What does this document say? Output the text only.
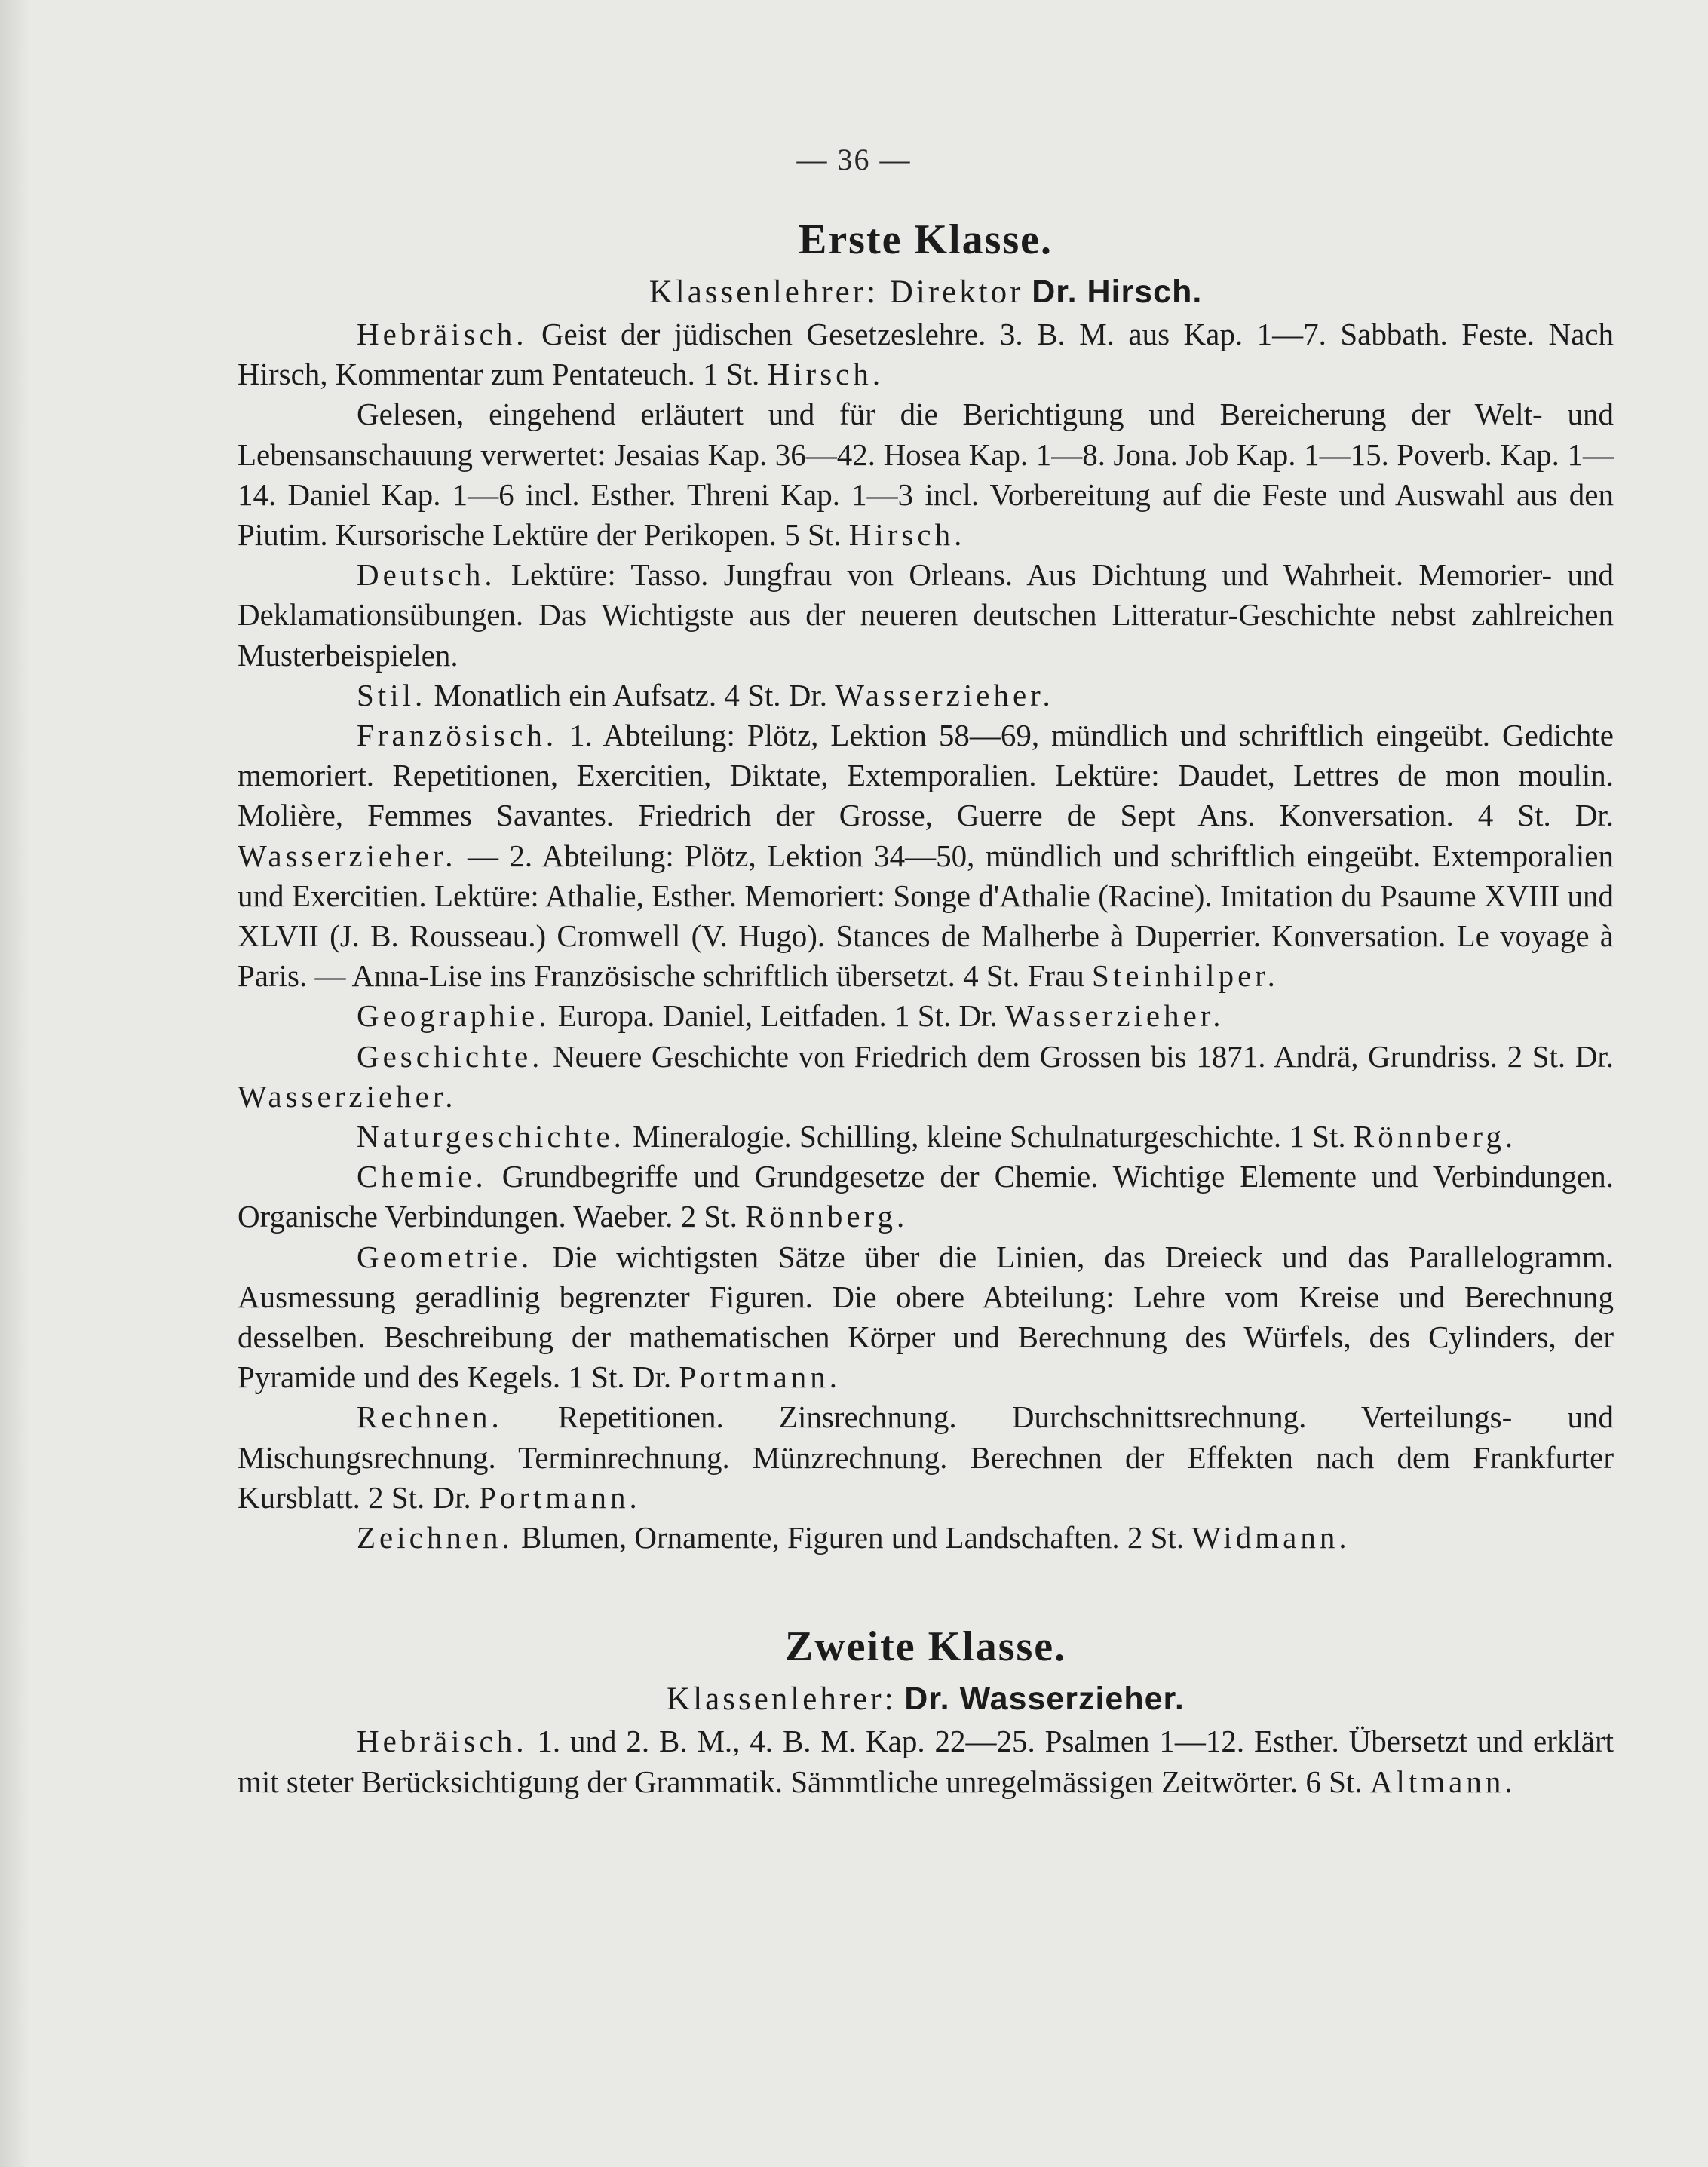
— 36 —
Erste Klasse.
Klassenlehrer: Direktor Dr. Hirsch.

Hebräisch. Geist der jüdischen Gesetzeslehre. 3. B. M. aus Kap. 1—7. Sabbath. Feste. Nach Hirsch, Kommentar zum Pentateuch. 1 St. Hirsch.

Gelesen, eingehend erläutert und für die Berichtigung und Bereicherung der Welt- und Lebensanschauung verwertet: Jesaias Kap. 36—42. Hosea Kap. 1—8. Jona. Job Kap. 1—15. Poverb. Kap. 1—14. Daniel Kap. 1—6 incl. Esther. Threni Kap. 1—3 incl. Vorbereitung auf die Feste und Auswahl aus den Piutim. Kursorische Lektüre der Perikopen. 5 St. Hirsch.

Deutsch. Lektüre: Tasso. Jungfrau von Orleans. Aus Dichtung und Wahrheit. Memorier- und Deklamationsübungen. Das Wichtigste aus der neueren deutschen Litteratur-Geschichte nebst zahlreichen Musterbeispielen.

Stil. Monatlich ein Aufsatz. 4 St. Dr. Wasserzieher.

Französisch. 1. Abteilung: Plötz, Lektion 58—69, mündlich und schriftlich eingeübt. Gedichte memoriert. Repetitionen, Exercitien, Diktate, Extemporalien. Lektüre: Daudet, Lettres de mon moulin. Molière, Femmes Savantes. Friedrich der Grosse, Guerre de Sept Ans. Konversation. 4 St. Dr. Wasserzieher. — 2. Abteilung: Plötz, Lektion 34—50, mündlich und schriftlich eingeübt. Extemporalien und Exercitien. Lektüre: Athalie, Esther. Memoriert: Songe d'Athalie (Racine). Imitation du Psaume XVIII und XLVII (J. B. Rousseau.) Cromwell (V. Hugo). Stances de Malherbe à Duperrier. Konversation. Le voyage à Paris. — Anna-Lise ins Französische schriftlich übersetzt. 4 St. Frau Steinhilper.

Geographie. Europa. Daniel, Leitfaden. 1 St. Dr. Wasserzieher.

Geschichte. Neuere Geschichte von Friedrich dem Grossen bis 1871. Andrä, Grundriss. 2 St. Dr. Wasserzieher.

Naturgeschichte. Mineralogie. Schilling, kleine Schulnaturgeschichte. 1 St. Rönnberg.

Chemie. Grundbegriffe und Grundgesetze der Chemie. Wichtige Elemente und Verbindungen. Organische Verbindungen. Waeber. 2 St. Rönnberg.

Geometrie. Die wichtigsten Sätze über die Linien, das Dreieck und das Parallelogramm. Ausmessung geradlinig begrenzter Figuren. Die obere Abteilung: Lehre vom Kreise und Berechnung desselben. Beschreibung der mathematischen Körper und Berechnung des Würfels, des Cylinders, der Pyramide und des Kegels. 1 St. Dr. Portmann.

Rechnen. Repetitionen. Zinsrechnung. Durchschnittsrechnung. Verteilungs- und Mischungsrechnung. Terminrechnung. Münzrechnung. Berechnen der Effekten nach dem Frankfurter Kursblatt. 2 St. Dr. Portmann.

Zeichnen. Blumen, Ornamente, Figuren und Landschaften. 2 St. Widmann.

Zweite Klasse.
Klassenlehrer: Dr. Wasserzieher.

Hebräisch. 1. und 2. B. M., 4. B. M. Kap. 22—25. Psalmen 1—12. Esther. Übersetzt und erklärt mit steter Berücksichtigung der Grammatik. Sämmtliche unregelmässigen Zeitwörter. 6 St. Altmann.
